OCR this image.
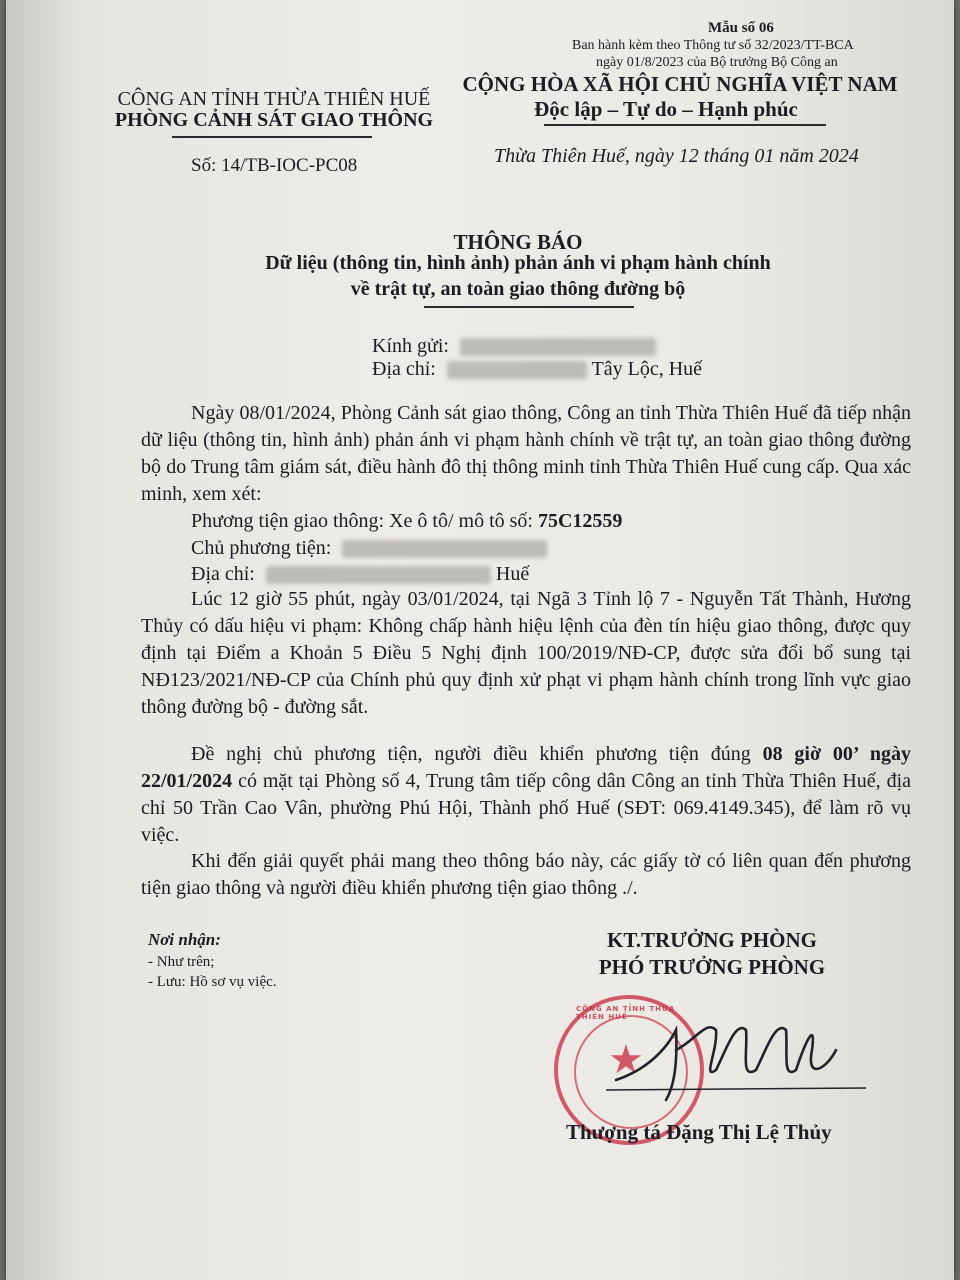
Mẫu số 06
Ban hành kèm theo Thông tư số 32/2023/TT-BCA
ngày 01/8/2023 của Bộ trưởng Bộ Công an
CÔNG AN TỈNH THỪA THIÊN HUẾ
PHÒNG CẢNH SÁT GIAO THÔNG
CỘNG HÒA XÃ HỘI CHỦ NGHĨA VIỆT NAM
Độc lập – Tự do – Hạnh phúc
Số: 14/TB-IOC-PC08	Thừa Thiên Huế, ngày 12 tháng 01 năm 2024
THÔNG BÁO
Dữ liệu (thông tin, hình ảnh) phản ánh vi phạm hành chính
về trật tự, an toàn giao thông đường bộ
Kính gửi:
Địa chỉ:	Tây Lộc, Huế
Ngày 08/01/2024, Phòng Cảnh sát giao thông, Công an tỉnh Thừa Thiên Huế đã tiếp nhận dữ liệu (thông tin, hình ảnh) phản ánh vi phạm hành chính về trật tự, an toàn giao thông đường bộ do Trung tâm giám sát, điều hành đô thị thông minh tỉnh Thừa Thiên Huế cung cấp. Qua xác minh, xem xét:
Phương tiện giao thông: Xe ô tô/ mô tô số: 75C12559
Chủ phương tiện:
Địa chỉ:	Huế
Lúc 12 giờ 55 phút, ngày 03/01/2024, tại Ngã 3 Tỉnh lộ 7 - Nguyễn Tất Thành, Hương Thủy có dấu hiệu vi phạm: Không chấp hành hiệu lệnh của đèn tín hiệu giao thông, được quy định tại Điểm a Khoản 5 Điều 5 Nghị định 100/2019/NĐ-CP, được sửa đổi bổ sung tại NĐ123/2021/NĐ-CP của Chính phủ quy định xử phạt vi phạm hành chính trong lĩnh vực giao thông đường bộ - đường sắt.
Đề nghị chủ phương tiện, người điều khiển phương tiện đúng 08 giờ 00’ ngày 22/01/2024 có mặt tại Phòng số 4, Trung tâm tiếp công dân Công an tỉnh Thừa Thiên Huế, địa chỉ 50 Trần Cao Vân, phường Phú Hội, Thành phố Huế (SĐT: 069.4149.345), để làm rõ vụ việc.
Khi đến giải quyết phải mang theo thông báo này, các giấy tờ có liên quan đến phương tiện giao thông và người điều khiển phương tiện giao thông ./.
Nơi nhận:
- Như trên;
- Lưu: Hồ sơ vụ việc.
KT.TRƯỞNG PHÒNG
PHÓ TRƯỞNG PHÒNG
★
CÔNG AN TỈNH THỪA THIÊN HUẾ
Thượng tá Đặng Thị Lệ Thủy
